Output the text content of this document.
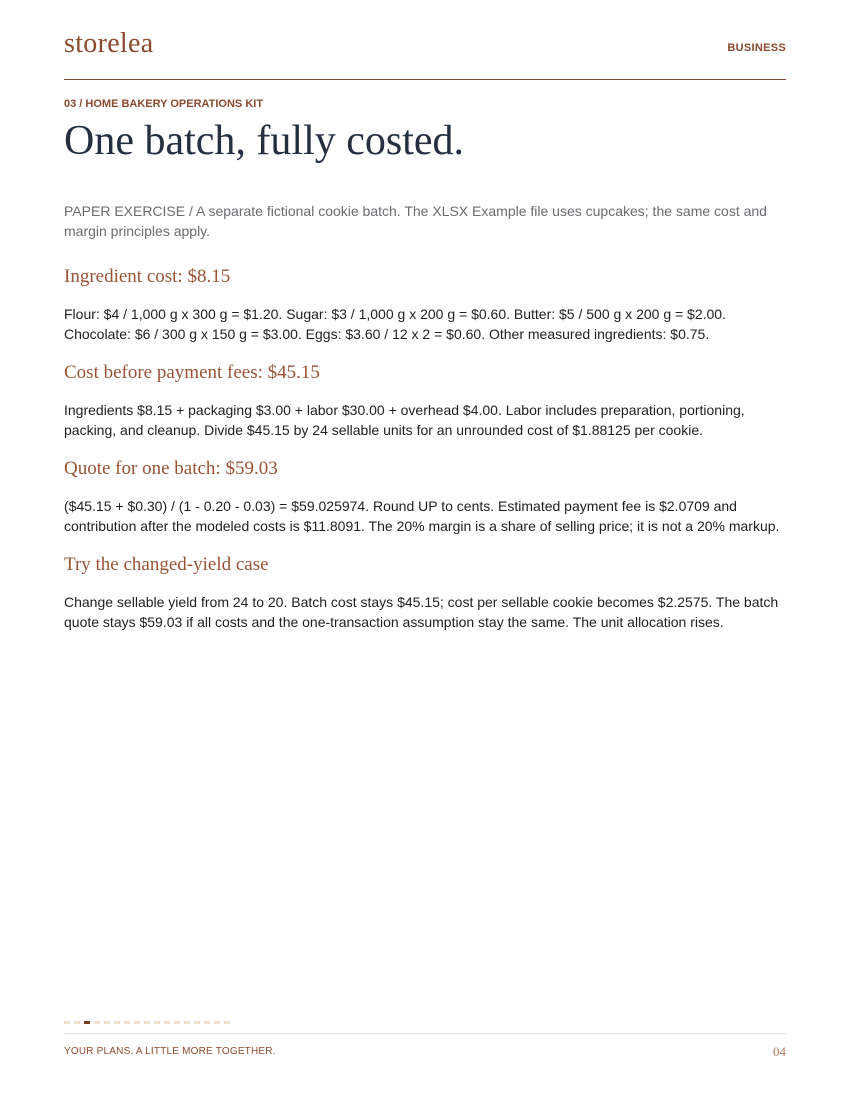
storelea	BUSINESS
03 / HOME BAKERY OPERATIONS KIT
One batch, fully costed.
PAPER EXERCISE / A separate fictional cookie batch. The XLSX Example file uses cupcakes; the same cost and margin principles apply.
Ingredient cost: $8.15

Flour: $4 / 1,000 g x 300 g = $1.20. Sugar: $3 / 1,000 g x 200 g = $0.60. Butter: $5 / 500 g x 200 g = $2.00. Chocolate: $6 / 300 g x 150 g = $3.00. Eggs: $3.60 / 12 x 2 = $0.60. Other measured ingredients: $0.75.

Cost before payment fees: $45.15

Ingredients $8.15 + packaging $3.00 + labor $30.00 + overhead $4.00. Labor includes preparation, portioning, packing, and cleanup. Divide $45.15 by 24 sellable units for an unrounded cost of $1.88125 per cookie.

Quote for one batch: $59.03

($45.15 + $0.30) / (1 - 0.20 - 0.03) = $59.025974. Round UP to cents. Estimated payment fee is $2.0709 and contribution after the modeled costs is $11.8091. The 20% margin is a share of selling price; it is not a 20% markup.

Try the changed-yield case

Change sellable yield from 24 to 20. Batch cost stays $45.15; cost per sellable cookie becomes $2.2575. The batch quote stays $59.03 if all costs and the one-transaction assumption stay the same. The unit allocation rises.

YOUR PLANS. A LITTLE MORE TOGETHER.	04
